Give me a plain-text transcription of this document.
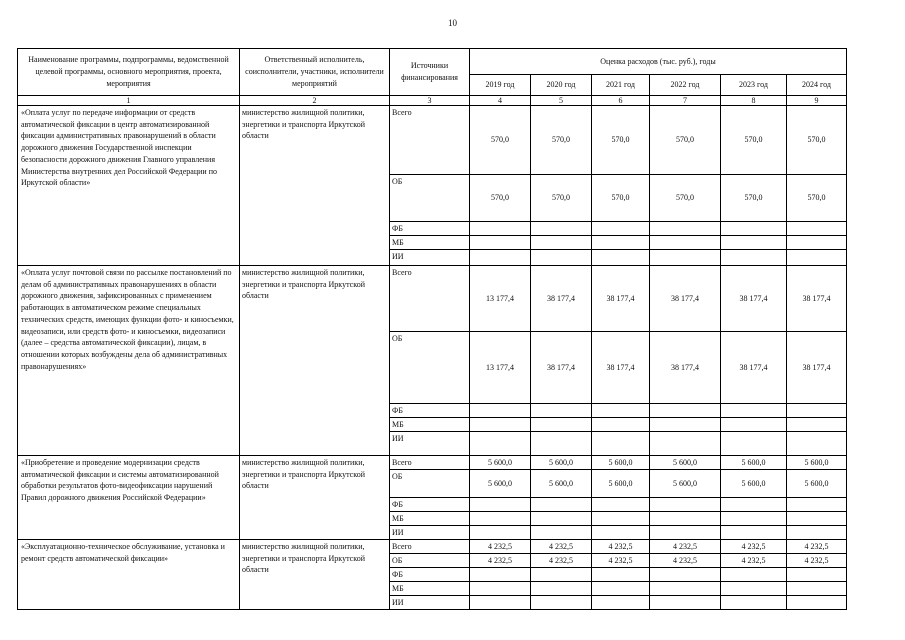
10
Наименование программы, подпрограммы, ведомственной целевой программы, основного мероприятия, проекта, мероприятия	Ответственный исполнитель, соисполнители, участники, исполнители мероприятий	Источники финансирования	Оценка расходов (тыс. руб.), годы					
			2019 год	2020 год	2021 год	2022 год	2023 год	2024 год
1	2	3	4	5	6	7	8	9
«Оплата услуг по передаче информации от средств автоматической фиксации в центр автоматизированной фиксации административных правонарушений в области дорожного движения Государственной инспекции безопасности дорожного движения Главного управления Министерства внутренних дел Российской Федерации по Иркутской области»	министерство жилищной политики, энергетики и транспорта Иркутской области	Всего	570,0	570,0	570,0	570,0	570,0	570,0
		ОБ	570,0	570,0	570,0	570,0	570,0	570,0
		ФБ						
		МБ						
		ИИ						
«Оплата услуг почтовой связи по рассылке постановлений по делам об административных правонарушениях в области дорожного движения, зафиксированных с применением работающих в автоматическом режиме специальных технических средств, имеющих функции фото- и киносъемки, видеозаписи, или средств фото- и киносъемки, видеозаписи (далее – средства автоматической фиксации), лицам, в отношении которых возбуждены дела об административных правонарушениях»	министерство жилищной политики, энергетики и транспорта Иркутской области	Всего	13 177,4	38 177,4	38 177,4	38 177,4	38 177,4	38 177,4
		ОБ	13 177,4	38 177,4	38 177,4	38 177,4	38 177,4	38 177,4
		ФБ						
		МБ						
		ИИ						
«Приобретение и проведение модернизации средств автоматической фиксации и системы автоматизированной обработки результатов фото-видеофиксации нарушений Правил дорожного движения Российской Федерации»	министерство жилищной политики, энергетики и транспорта Иркутской области	Всего	5 600,0	5 600,0	5 600,0	5 600,0	5 600,0	5 600,0
		ОБ	5 600,0	5 600,0	5 600,0	5 600,0	5 600,0	5 600,0
		ФБ						
		МБ						
		ИИ						
«Эксплуатационно-техническое обслуживание, установка и ремонт средств автоматической фиксации»	министерство жилищной политики, энергетики и транспорта Иркутской области	Всего	4 232,5	4 232,5	4 232,5	4 232,5	4 232,5	4 232,5
		ОБ	4 232,5	4 232,5	4 232,5	4 232,5	4 232,5	4 232,5
		ФБ						
		МБ						
		ИИ						
